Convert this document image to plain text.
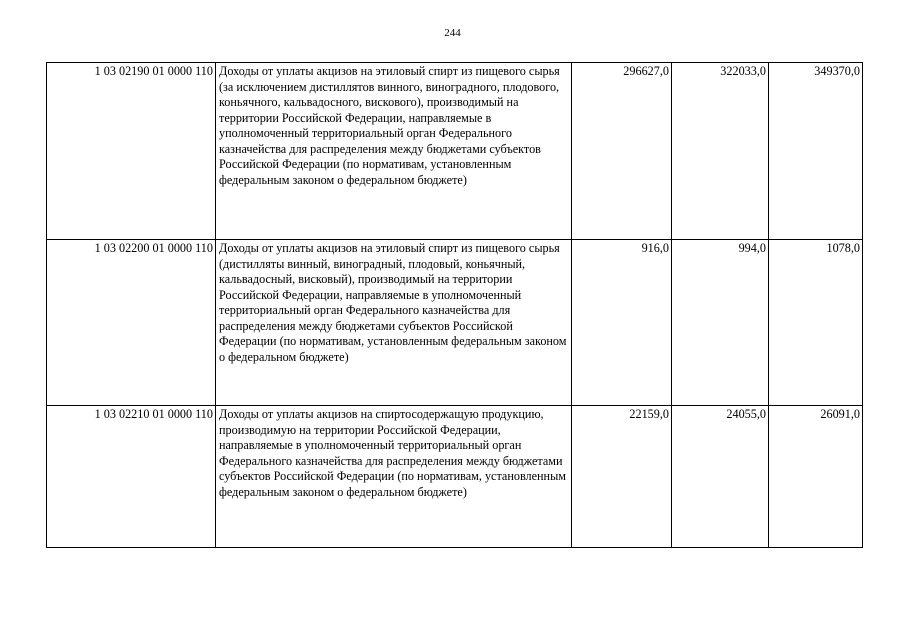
244
1 03 02190 01 0000 110	Доходы от уплаты акцизов на этиловый спирт из пищевого сырья (за исключением дистиллятов винного, виноградного, плодового, коньячного, кальвадосного, вискового), производимый на территории Российской Федерации, направляемые в уполномоченный территориальный орган Федерального казначейства для распределения между бюджетами субъектов Российской Федерации (по нормативам, установленным федеральным законом о федеральном бюджете)	296627,0	322033,0	349370,0
1 03 02200 01 0000 110	Доходы от уплаты акцизов на этиловый спирт из пищевого сырья (дистилляты винный, виноградный, плодовый, коньячный, кальвадосный, висковый), производимый на территории Российской Федерации, направляемые в уполномоченный территориальный орган Федерального казначейства для распределения между бюджетами субъектов Российской Федерации (по нормативам, установленным федеральным законом о федеральном бюджете)	916,0	994,0	1078,0
1 03 02210 01 0000 110	Доходы от уплаты акцизов на спиртосодержащую продукцию, производимую на территории Российской Федерации, направляемые в уполномоченный территориальный орган Федерального казначейства для распределения между бюджетами субъектов Российской Федерации (по нормативам, установленным федеральным законом о федеральном бюджете)	22159,0	24055,0	26091,0
